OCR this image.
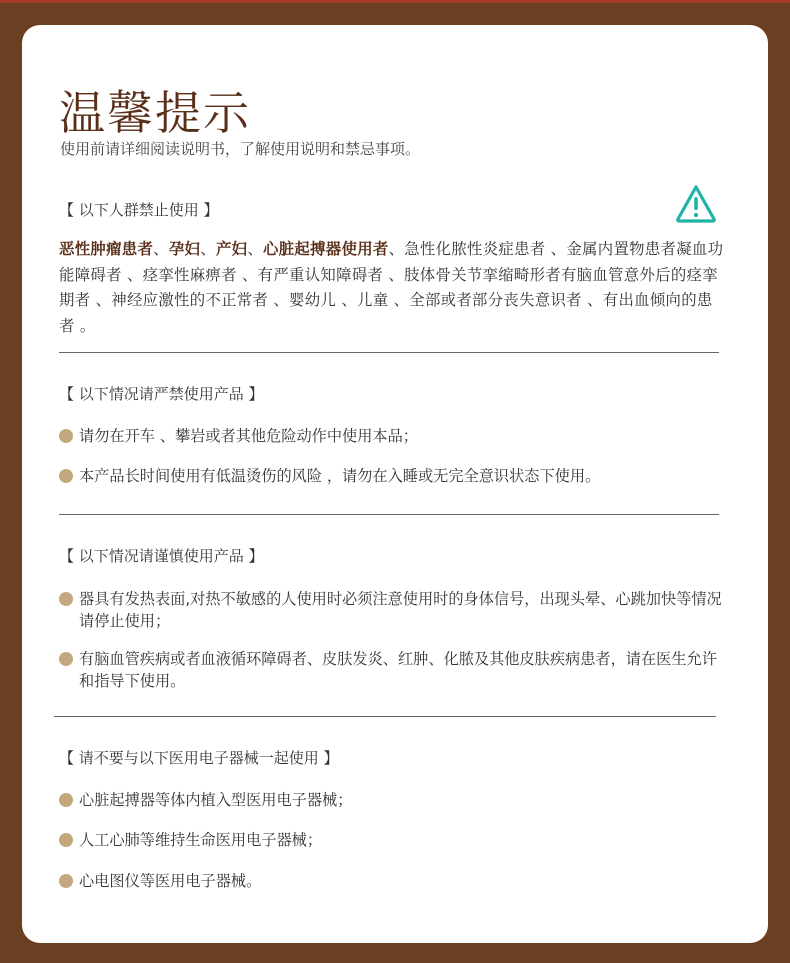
温馨提示
使用前请详细阅读说明书，了解使用说明和禁忌事项。
【 以下人群禁止使用 】

恶性肿瘤患者、孕妇、产妇、心脏起搏器使用者、急性化脓性炎症患者 、金属内置物患者凝血功能障碍者 、痉挛性麻痹者 、有严重认知障碍者 、肢体骨关节挛缩畸形者有脑血管意外后的痉挛期者 、神经应激性的不正常者 、婴幼儿 、儿童 、全部或者部分丧失意识者 、有出血倾向的患者 。

【 以下情况请严禁使用产品 】
请勿在开车 、攀岩或者其他危险动作中使用本品；
本产品长时间使用有低温烫伤的风险 ，请勿在入睡或无完全意识状态下使用。
【 以下情况请谨慎使用产品 】
器具有发热表面,对热不敏感的人使用时必须注意使用时的身体信号，出现头晕、心跳加快等情况请停止使用；
有脑血管疾病或者血液循环障碍者、皮肤发炎、红肿、化脓及其他皮肤疾病患者，请在医生允许和指导下使用。
【 请不要与以下医用电子器械一起使用 】
心脏起搏器等体内植入型医用电子器械；
人工心肺等维持生命医用电子器械；
心电图仪等医用电子器械。
